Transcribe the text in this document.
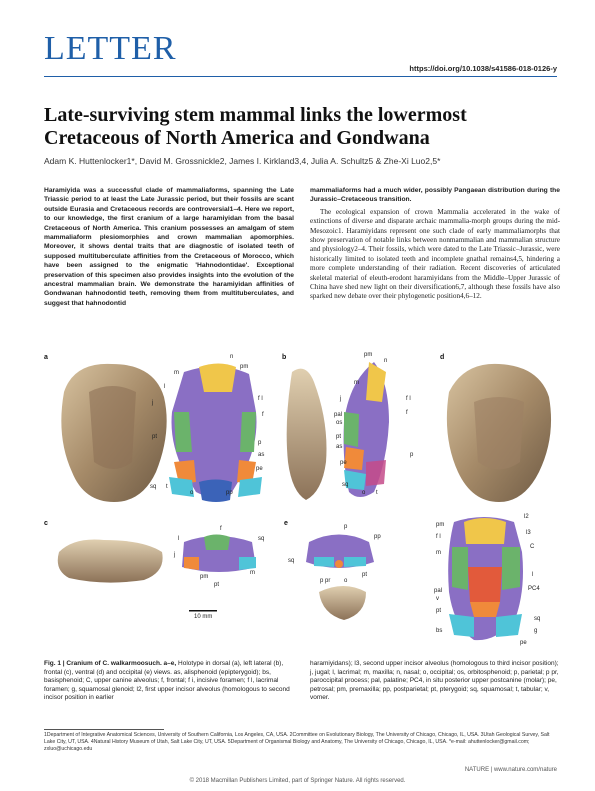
LETTER
https://doi.org/10.1038/s41586-018-0126-y
Late-surviving stem mammal links the lowermost Cretaceous of North America and Gondwana
Adam K. Huttenlocker1*, David M. Grossnickle2, James I. Kirkland3,4, Julia A. Schultz5 & Zhe-Xi Luo2,5*

Haramiyida was a successful clade of mammaliaforms, spanning the Late Triassic period to at least the Late Jurassic period, but their fossils are scant outside Eurasia and Cretaceous records are controversial1–4. Here we report, to our knowledge, the first cranium of a large haramiyidan from the basal Cretaceous of North America. This cranium possesses an amalgam of stem mammaliaform plesiomorphies and crown mammalian apomorphies. Moreover, it shows dental traits that are diagnostic of isolated teeth of supposed multituberculate affinities from the Cretaceous of Morocco, which have been assigned to the enigmatic 'Hahnodontidae'. Exceptional preservation of this specimen also provides insights into the evolution of the ancestral mammalian brain. We demonstrate the haramiyidan affinities of Gondwanan hahnodontid teeth, removing them from multituberculates, and suggest that hahnodontid

mammaliaforms had a much wider, possibly Pangaean distribution during the Jurassic–Cretaceous transition.

The ecological expansion of crown Mammalia accelerated in the wake of extinctions of diverse and disparate archaic mammalia-morph groups during the mid-Mesozoic1. Haramiyidans represent one such clade of early mammaliamorphs that show preservation of notable links between nonmammalian and mammalian structure and physiology2–4. Their fossils, which were dated to the Late Triassic–Jurassic, were historically limited to isolated teeth and incomplete gnathal remains4,5, hindering a more complete understanding of their radiation. Recent discoveries of articulated skeletal material of eleuth-erodont haramiyidans from the Middle–Upper Jurassic of China have shed new light on their diversification6,7, although these fossils have also sparked new debate over their phylogenetic position4,6–12.

a	b
c
d
e
n
pm
m
l
j
f l
f
p
as
pt
sq
pe
t
o	pp
pm
n
m
j
pal
os
pt
as
pe
f l
f
p
sq
o t
f
sq
l
j
pm
pt
m
10 mm
p
pp
sq
p pr o
pt
pm
f l
m
l2
l3
C
l
PC4
pal
v
pt
bs
sq
g
pe
Fig. 1 | Cranium of C. walkarmoosuch. a–e, Holotype in dorsal (a), left lateral (b), frontal (c), ventral (d) and occipital (e) views. as, alisphenoid (epipterygoid); bs, basisphenoid; C, upper canine alveolus; f, frontal; f i, incisive foramen; f l, lacrimal foramen; g, squamosal glenoid; l2, first upper incisor alveolus (homologous to second incisor position in earlier
haramiyidans); l3, second upper incisor alveolus (homologous to third incisor position); j, jugal; l, lacrimal; m, maxilla; n, nasal; o, occipital; os, orbitosphenoid; p, parietal; p pr, paroccipital process; pal, palatine; PC4, in situ posterior upper postcanine (molar); pe, petrosal; pm, premaxilla; pp, postparietal; pt, pterygoid; sq, squamosal; t, tabular; v, vomer.
1Department of Integrative Anatomical Sciences, University of Southern California, Los Angeles, CA, USA. 2Committee on Evolutionary Biology, The University of Chicago, Chicago, IL, USA. 3Utah Geological Survey, Salt Lake City, UT, USA. 4Natural History Museum of Utah, Salt Lake City, UT, USA. 5Department of Organismal Biology and Anatomy, The University of Chicago, Chicago, IL, USA. *e-mail: ahuttenlocker@gmail.com; zxluo@uchicago.edu
NATURE | www.nature.com/nature
© 2018 Macmillan Publishers Limited, part of Springer Nature. All rights reserved.
